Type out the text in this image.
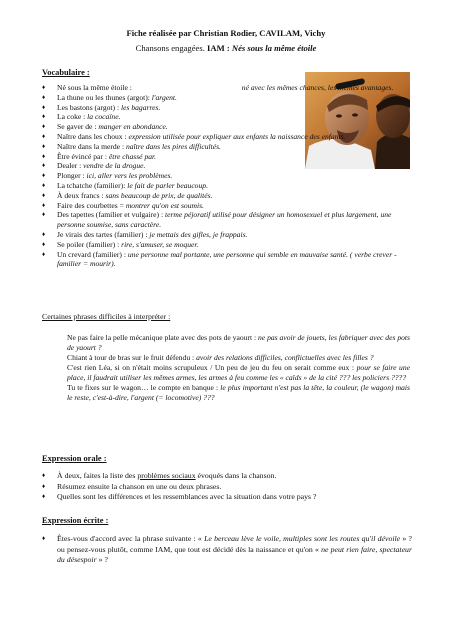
Fiche réalisée par Christian Rodier, CAVILAM, Vichy
Chansons engagées. IAM : Nés sous la même étoile
Vocabulaire :
♦ Né sous la même étoile :	né avec les mêmes chances, les mêmes avantages.
♦ La thune ou les thunes (argot): l'argent.
♦ Les bastons (argot) : les bagarres.
♦ La coke : la cocaïne.
♦ Se gaver de : manger en abondance.
♦ Naître dans les choux : expression utilisée pour expliquer aux enfants la naissance des enfants.
♦ Naître dans la merde : naître dans les pires difficultés.
♦ Être évincé par : être chassé par.
♦ Dealer : vendre de la drogue.
♦ Plonger : ici, aller vers les problèmes.
♦ La tchatche (familier): le fait de parler beaucoup.
♦ À deux francs : sans beaucoup de prix, de qualités.
♦ Faire des courbettes = montrer qu'on est soumis.
♦ Des tapettes (familier et vulgaire) : terme péjoratif utilisé pour désigner un homosexuel et plus largement, une personne soumise, sans caractère.
♦ Je virais des tartes (familier) : je mettais des gifles, je frappais.
♦ Se poiler (familier) : rire, s'amuser, se moquer.
♦ Un crevard (familier) : une personne mal portante, une personne qui semble en mauvaise santé. ( verbe crever - familier = mourir).
Certaines phrases difficiles à interpréter :

Ne pas faire la pelle mécanique plate avec des pots de yaourt : ne pas avoir de jouets, les fabriquer avec des pots de yaourt ?

Chiant à tour de bras sur le fruit défendu : avoir des relations difficiles, conflictuelles avec les filles ?

C'est rien Léa, si on n'était moins scrupuleux / Un peu de jeu du feu on serait comme eux : pour se faire une place, il faudrait utiliser les mêmes armes, les armes à feu comme les « caïds » de la cité ??? les policiers ????

Tu te fixes sur le wagon… le compte en banque : le plus important n'est pas la tête, la couleur, (le wagon) mais le reste, c'est-à-dire, l'argent (= locomotive) ???

Expression orale :
♦ À deux, faites la liste des problèmes sociaux évoqués dans la chanson.
♦ Résumez ensuite la chanson en une ou deux phrases.
♦ Quelles sont les différences et les ressemblances avec la situation dans votre pays ?
Expression écrite :
♦ Êtes-vous d'accord avec la phrase suivante : « Le berceau lève le voile, multiples sont les routes qu'il dévoile » ? ou pensez-vous plutôt, comme IAM, que tout est décidé dès la naissance et qu'on « ne peut rien faire, spectateur du désespoir » ?
